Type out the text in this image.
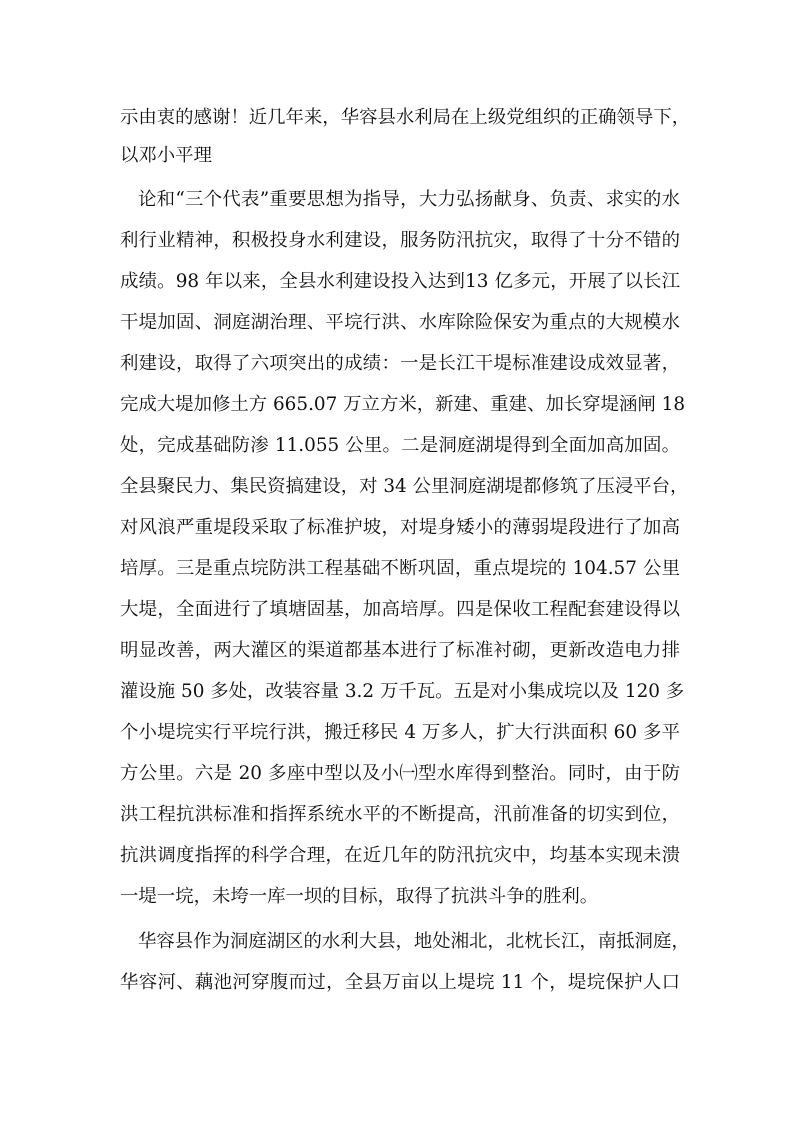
示由衷的感谢！近几年来，华容县水利局在上级党组织的正确领导下，
以邓小平理
论和“三个代表”重要思想为指导，大力弘扬献身、负责、求实的水
利行业精神，积极投身水利建设，服务防汛抗灾，取得了十分不错的
成绩。98 年以来，全县水利建设投入达到13 亿多元，开展了以长江
干堤加固、洞庭湖治理、平垸行洪、水库除险保安为重点的大规模水
利建设，取得了六项突出的成绩：一是长江干堤标准建设成效显著，
完成大堤加修土方 665.07 万立方米，新建、重建、加长穿堤涵闸 18
处，完成基础防渗 11.055 公里。二是洞庭湖堤得到全面加高加固。
全县聚民力、集民资搞建设，对 34 公里洞庭湖堤都修筑了压浸平台，
对风浪严重堤段采取了标准护坡，对堤身矮小的薄弱堤段进行了加高
培厚。三是重点垸防洪工程基础不断巩固，重点堤垸的 104.57 公里
大堤，全面进行了填塘固基，加高培厚。四是保收工程配套建设得以
明显改善，两大灌区的渠道都基本进行了标准衬砌，更新改造电力排
灌设施 50 多处，改装容量 3.2 万千瓦。五是对小集成垸以及 120 多
个小堤垸实行平垸行洪，搬迁移民 4 万多人，扩大行洪面积 60 多平
方公里。六是 20 多座中型以及小㈠型水库得到整治。同时，由于防
洪工程抗洪标准和指挥系统水平的不断提高，汛前准备的切实到位，
抗洪调度指挥的科学合理，在近几年的防汛抗灾中，均基本实现未溃
一堤一垸，未垮一库一坝的目标，取得了抗洪斗争的胜利。
华容县作为洞庭湖区的水利大县，地处湘北，北枕长江，南抵洞庭，
华容河、藕池河穿腹而过，全县万亩以上堤垸 11 个，堤垸保护人口
